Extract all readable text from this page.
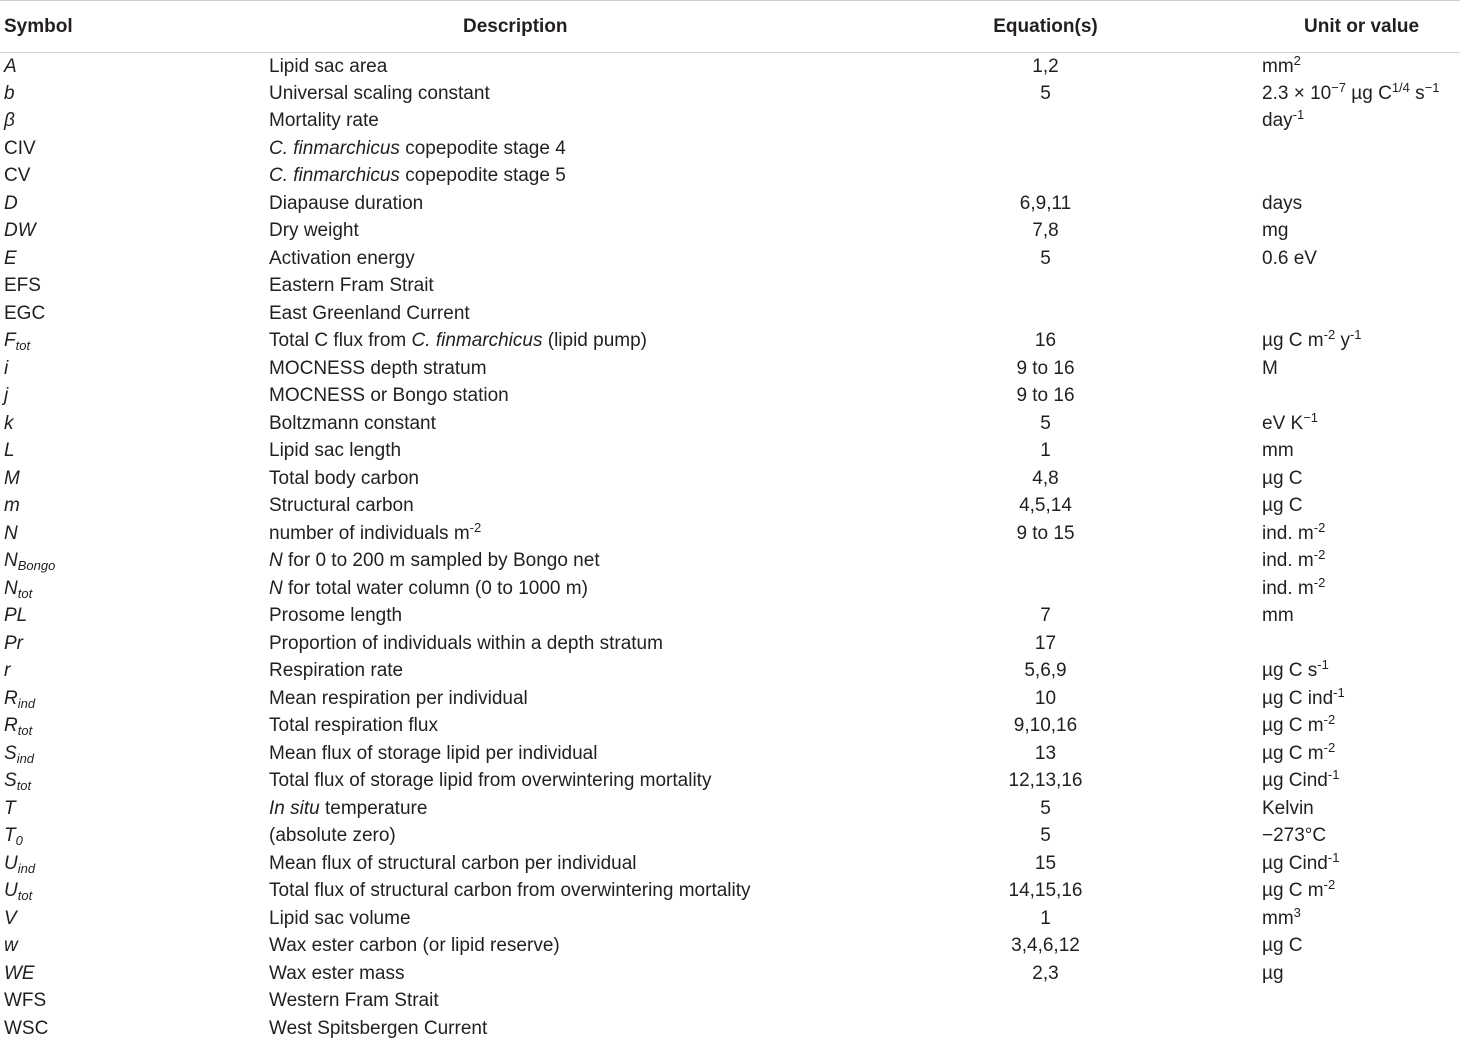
Symbol	Description	Equation(s)	Unit or value
A	Lipid sac area	1,2	$mm^2$
b	Universal scaling constant	5	$2.3 \times 10^{-7}$ µg $C^{1/4}$ $s^{-1}$
β	Mortality rate		day$^{-1}$
CIV	C. finmarchicus copepodite stage 4		
CV	C. finmarchicus copepodite stage 5		
D	Diapause duration	6,9,11	days
DW	Dry weight	7,8	mg
E	Activation energy	5	0.6 eV
EFS	Eastern Fram Strait		
EGC	East Greenland Current		
$F_{tot}$	Total C flux from C. finmarchicus (lipid pump)	16	µg C $m^{-2}$ $y^{-1}$
i	MOCNESS depth stratum	9 to 16	M
j	MOCNESS or Bongo station	9 to 16	
k	Boltzmann constant	5	eV $K^{-1}$
L	Lipid sac length	1	mm
M	Total body carbon	4,8	µg C
m	Structural carbon	4,5,14	µg C
N	number of individuals $m^{-2}$	9 to 15	ind. $m^{-2}$
$N_{Bongo}$	N for 0 to 200 m sampled by Bongo net		ind. $m^{-2}$
$N_{tot}$	N for total water column (0 to 1000 m)		ind. $m^{-2}$
PL	Prosome length	7	mm
Pr	Proportion of individuals within a depth stratum	17	
r	Respiration rate	5,6,9	µg C $s^{-1}$
$R_{ind}$	Mean respiration per individual	10	µg C ind$^{-1}$
$R_{tot}$	Total respiration flux	9,10,16	µg C $m^{-2}$
$S_{ind}$	Mean flux of storage lipid per individual	13	µg C $m^{-2}$
$S_{tot}$	Total flux of storage lipid from overwintering mortality	12,13,16	µg Cind$^{-1}$
T	In situ temperature	5	Kelvin
$T_0$	(absolute zero)	5	−273°C
$U_{ind}$	Mean flux of structural carbon per individual	15	µg Cind$^{-1}$
$U_{tot}$	Total flux of structural carbon from overwintering mortality	14,15,16	µg C $m^{-2}$
V	Lipid sac volume	1	$mm^3$
w	Wax ester carbon (or lipid reserve)	3,4,6,12	µg C
WE	Wax ester mass	2,3	µg
WFS	Western Fram Strait		
WSC	West Spitsbergen Current		
